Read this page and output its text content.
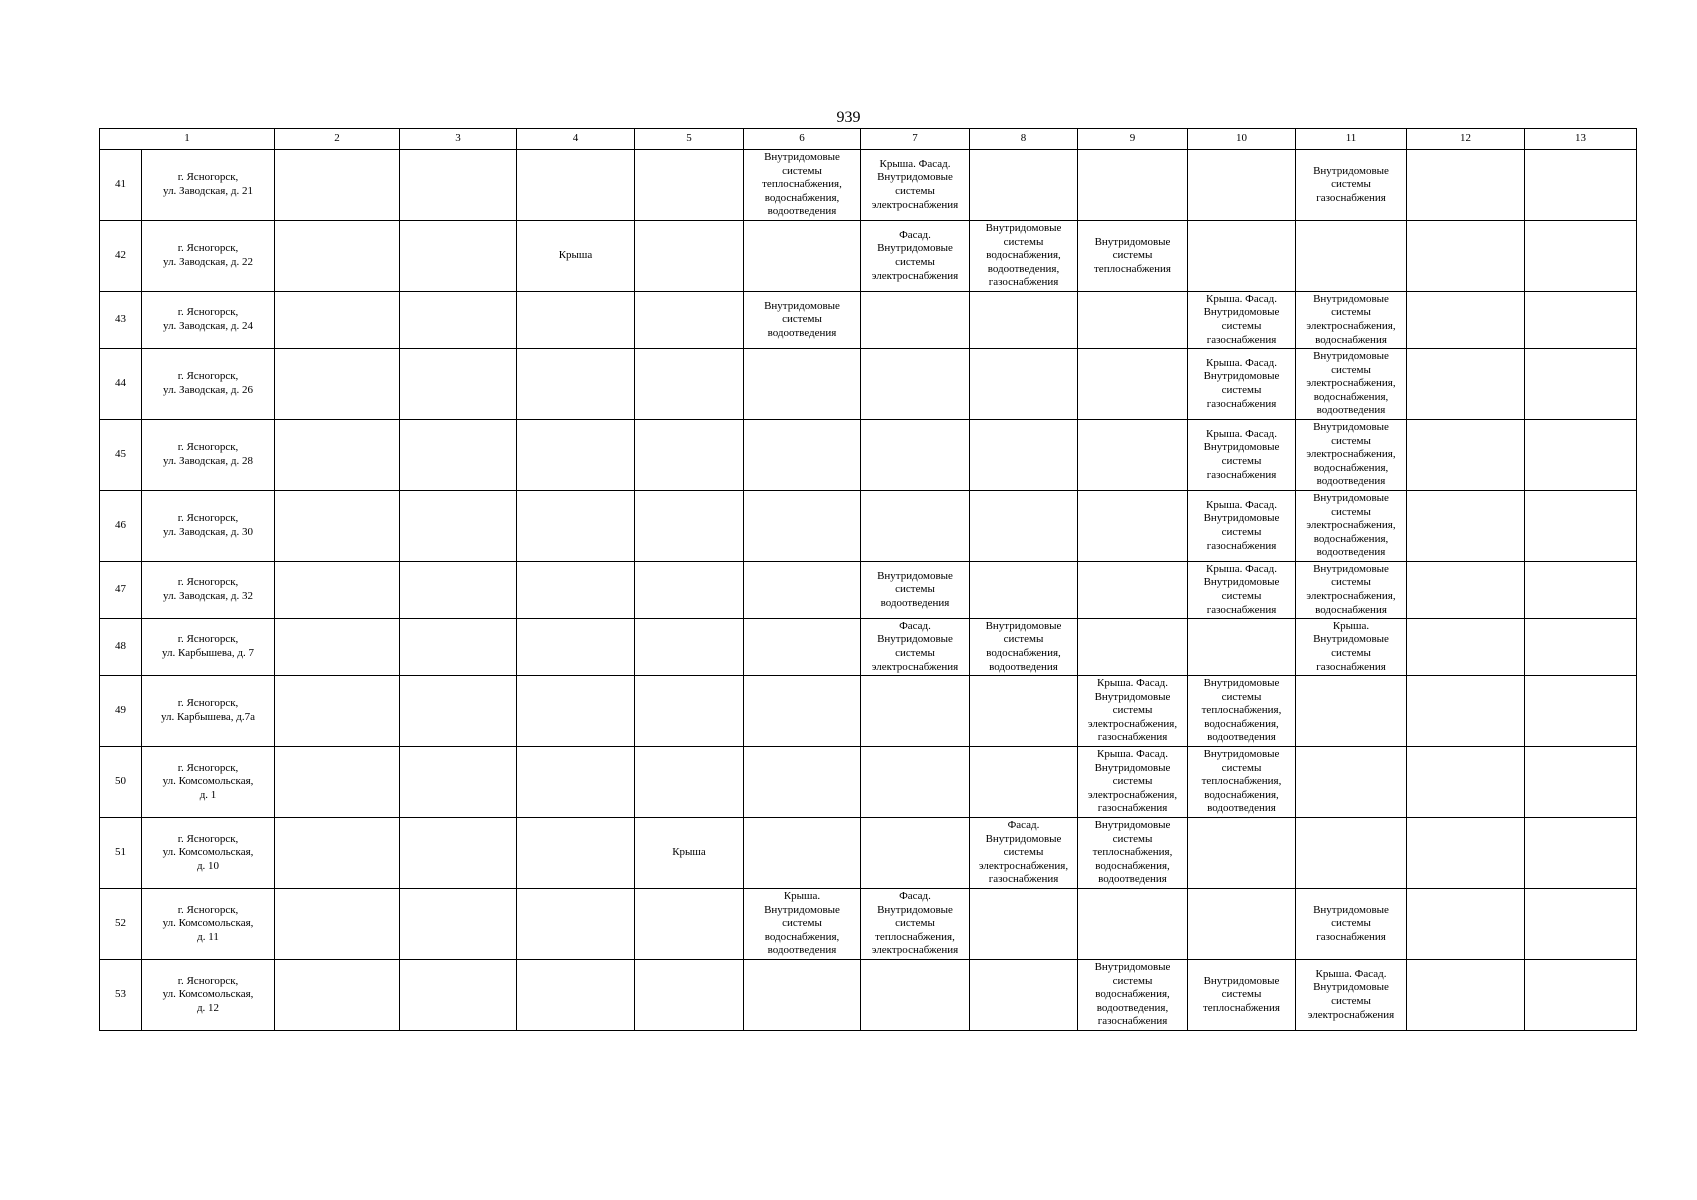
939
1		2	3	4	5	6	7	8	9	10	11	12	13
41	г. Ясногорск,
ул. Заводская, д. 21					Внутридомовые
системы
теплоснабжения,
водоснабжения,
водоотведения	Крыша. Фасад.
Внутридомовые
системы
электроснабжения				Внутридомовые
системы
газоснабжения		
42	г. Ясногорск,
ул. Заводская, д. 22			Крыша			Фасад.
Внутридомовые
системы
электроснабжения	Внутридомовые
системы
водоснабжения,
водоотведения,
газоснабжения	Внутридомовые
системы
теплоснабжения				
43	г. Ясногорск,
ул. Заводская, д. 24					Внутридомовые
системы
водоотведения				Крыша. Фасад.
Внутридомовые
системы
газоснабжения	Внутридомовые
системы
электроснабжения,
водоснабжения		
44	г. Ясногорск,
ул. Заводская, д. 26									Крыша. Фасад.
Внутридомовые
системы
газоснабжения	Внутридомовые
системы
электроснабжения,
водоснабжения,
водоотведения		
45	г. Ясногорск,
ул. Заводская, д. 28									Крыша. Фасад.
Внутридомовые
системы
газоснабжения	Внутридомовые
системы
электроснабжения,
водоснабжения,
водоотведения		
46	г. Ясногорск,
ул. Заводская, д. 30									Крыша. Фасад.
Внутридомовые
системы
газоснабжения	Внутридомовые
системы
электроснабжения,
водоснабжения,
водоотведения		
47	г. Ясногорск,
ул. Заводская, д. 32						Внутридомовые
системы
водоотведения			Крыша. Фасад.
Внутридомовые
системы
газоснабжения	Внутридомовые
системы
электроснабжения,
водоснабжения		
48	г. Ясногорск,
ул. Карбышева, д. 7						Фасад.
Внутридомовые
системы
электроснабжения	Внутридомовые
системы
водоснабжения,
водоотведения			Крыша.
Внутридомовые
системы
газоснабжения		
49	г. Ясногорск,
ул. Карбышева, д.7а								Крыша. Фасад.
Внутридомовые
системы
электроснабжения,
газоснабжения	Внутридомовые
системы
теплоснабжения,
водоснабжения,
водоотведения			
50	г. Ясногорск,
ул. Комсомольская,
д. 1								Крыша. Фасад.
Внутридомовые
системы
электроснабжения,
газоснабжения	Внутридомовые
системы
теплоснабжения,
водоснабжения,
водоотведения			
51	г. Ясногорск,
ул. Комсомольская,
д. 10				Крыша			Фасад.
Внутридомовые
системы
электроснабжения,
газоснабжения	Внутридомовые
системы
теплоснабжения,
водоснабжения,
водоотведения				
52	г. Ясногорск,
ул. Комсомольская,
д. 11					Крыша.
Внутридомовые
системы
водоснабжения,
водоотведения	Фасад.
Внутридомовые
системы
теплоснабжения,
электроснабжения				Внутридомовые
системы
газоснабжения		
53	г. Ясногорск,
ул. Комсомольская,
д. 12								Внутридомовые
системы
водоснабжения,
водоотведения,
газоснабжения	Внутридомовые
системы
теплоснабжения	Крыша. Фасад.
Внутридомовые
системы
электроснабжения		
